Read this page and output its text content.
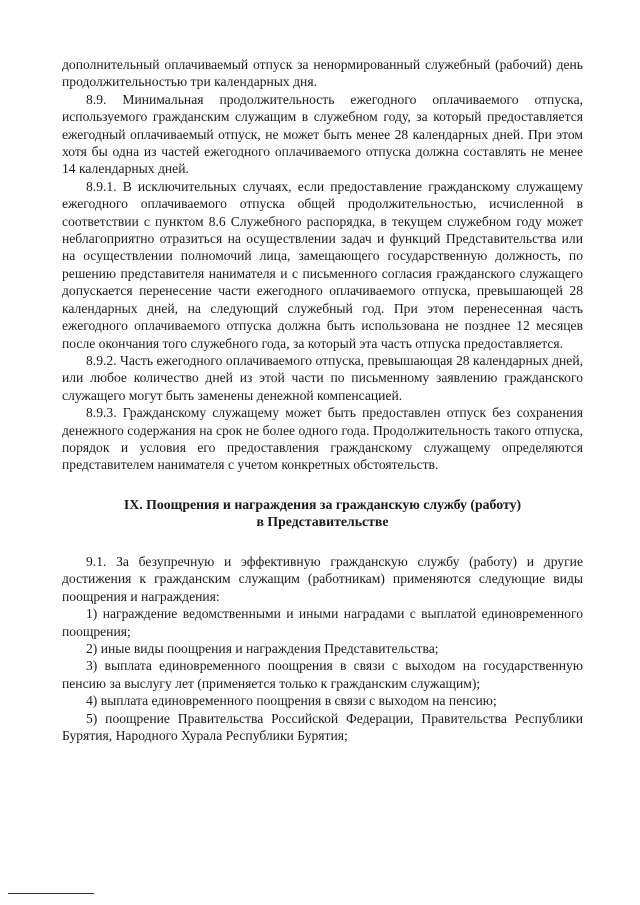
дополнительный оплачиваемый отпуск за ненормированный служебный (рабочий) день продолжительностью три календарных дня.

8.9. Минимальная продолжительность ежегодного оплачиваемого отпуска, используемого гражданским служащим в служебном году, за который предоставляется ежегодный оплачиваемый отпуск, не может быть менее 28 календарных дней. При этом хотя бы одна из частей ежегодного оплачиваемого отпуска должна составлять не менее 14 календарных дней.

8.9.1. В исключительных случаях, если предоставление гражданскому служащему ежегодного оплачиваемого отпуска общей продолжительностью, исчисленной в соответствии с пунктом 8.6 Служебного распорядка, в текущем служебном году может неблагоприятно отразиться на осуществлении задач и функций Представительства или на осуществлении полномочий лица, замещающего государственную должность, по решению представителя нанимателя и с письменного согласия гражданского служащего допускается перенесение части ежегодного оплачиваемого отпуска, превышающей 28 календарных дней, на следующий служебный год. При этом перенесенная часть ежегодного оплачиваемого отпуска должна быть использована не позднее 12 месяцев после окончания того служебного года, за который эта часть отпуска предоставляется.

8.9.2. Часть ежегодного оплачиваемого отпуска, превышающая 28 календарных дней, или любое количество дней из этой части по письменному заявлению гражданского служащего могут быть заменены денежной компенсацией.

8.9.3. Гражданскому служащему может быть предоставлен отпуск без сохранения денежного содержания на срок не более одного года. Продолжительность такого отпуска, порядок и условия его предоставления гражданскому служащему определяются представителем нанимателя с учетом конкретных обстоятельств.

IX. Поощрения и награждения за гражданскую службу (работу)
в Представительстве

9.1. За безупречную и эффективную гражданскую службу (работу) и другие достижения к гражданским служащим (работникам) применяются следующие виды поощрения и награждения:

1) награждение ведомственными и иными наградами с выплатой единовременного поощрения;

2) иные виды поощрения и награждения Представительства;

3) выплата единовременного поощрения в связи с выходом на государственную пенсию за выслугу лет (применяется только к гражданским служащим);

4) выплата единовременного поощрения в связи с выходом на пенсию;

5) поощрение Правительства Российской Федерации, Правительства Республики Бурятия, Народного Хурала Республики Бурятия;
